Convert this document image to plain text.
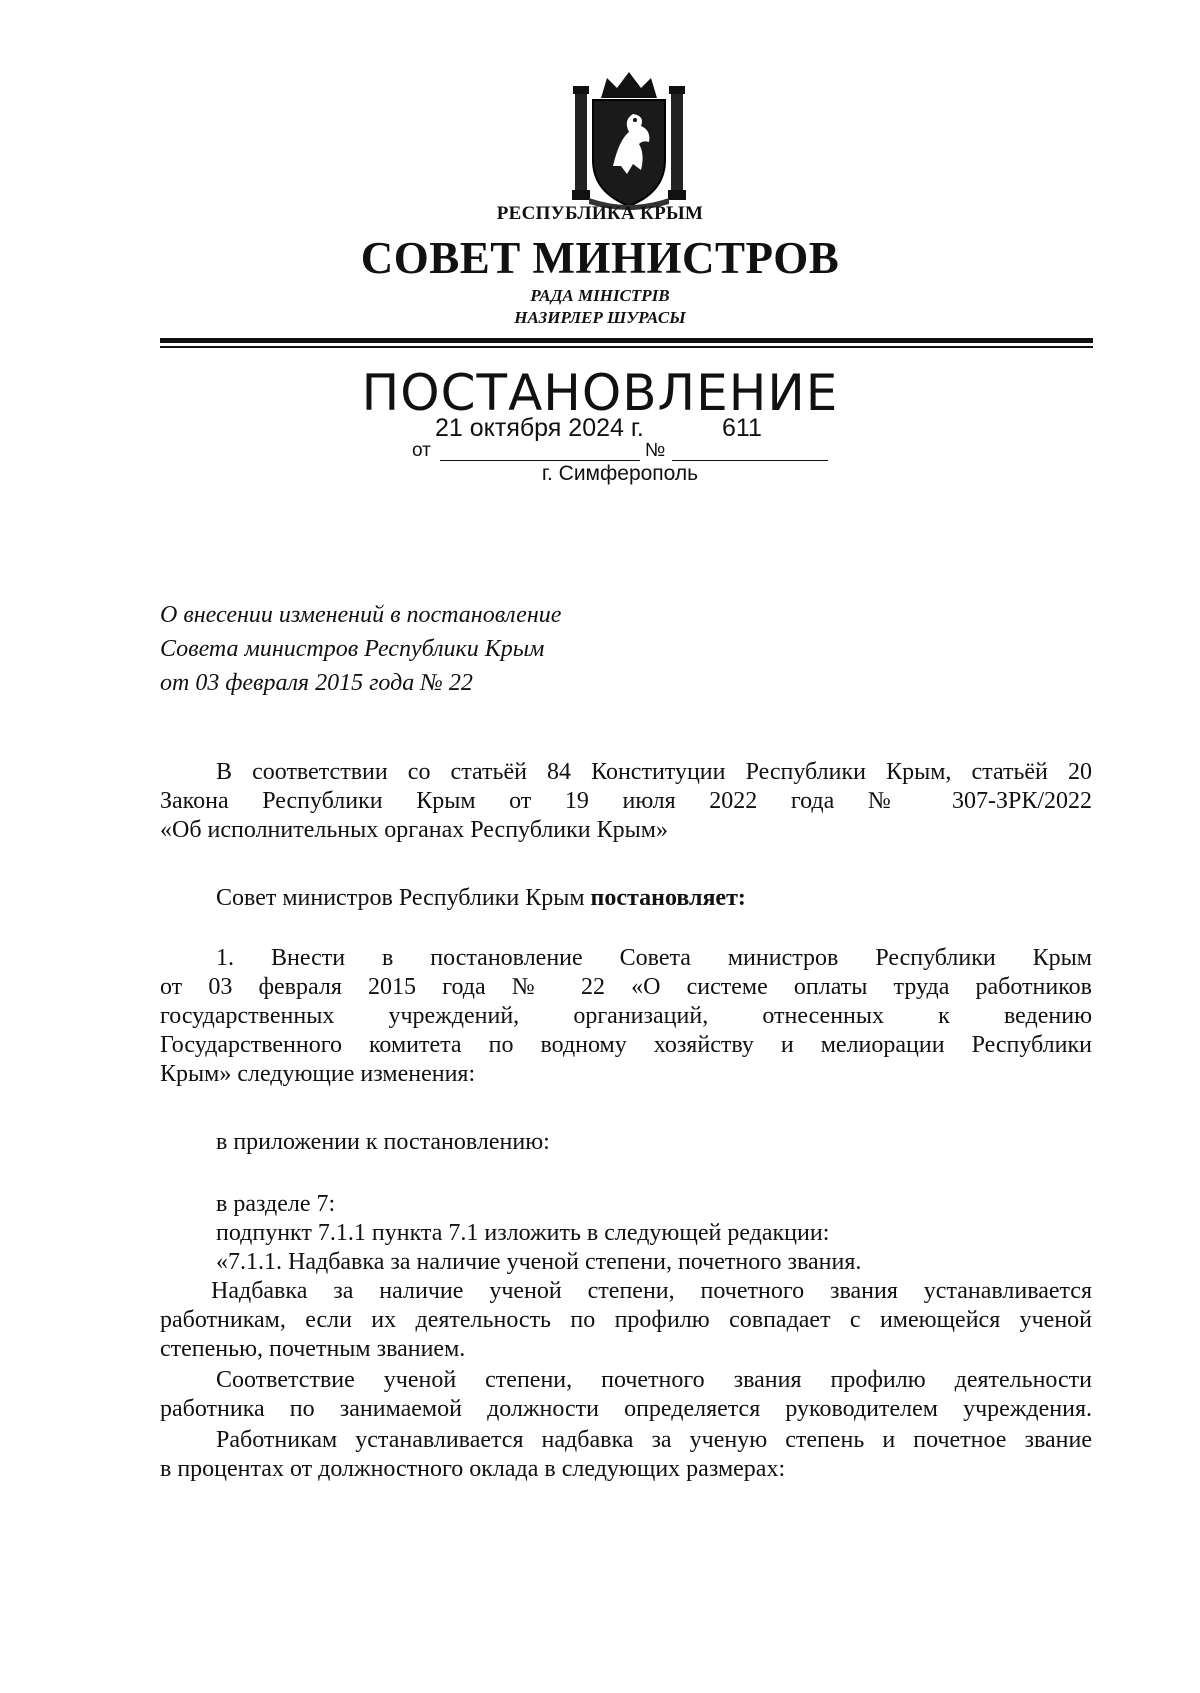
РЕСПУБЛИКА КРЫМ
СОВЕТ МИНИСТРОВ
РАДА МІНІСТРІВ
НАЗИРЛЕР ШУРАСЫ
ПОСТАНОВЛЕНИЕ
21 октября 2024 г.	611
от	№
г. Симферополь
О внесении изменений в постановление
Совета министров Республики Крым
от 03 февраля 2015 года № 22

В соответствии со статьёй 84 Конституции Республики Крым, статьёй 20

Закона Республики Крым от 19 июля 2022 года № 307-ЗРК/2022

«Об исполнительных органах Республики Крым»

Совет министров Республики Крым постановляет:

1. Внести в постановление Совета министров Республики Крым

от 03 февраля 2015 года № 22 «О системе оплаты труда работников

государственных учреждений, организаций, отнесенных к ведению

Государственного комитета по водному хозяйству и мелиорации Республики

Крым» следующие изменения:

в приложении к постановлению:

в разделе 7:

подпункт 7.1.1 пункта 7.1 изложить в следующей редакции:

«7.1.1. Надбавка за наличие ученой степени, почетного звания.

Надбавка за наличие ученой степени, почетного звания устанавливается

работникам, если их деятельность по профилю совпадает с имеющейся ученой

степенью, почетным званием.

Соответствие ученой степени, почетного звания профилю деятельности

работника по занимаемой должности определяется руководителем учреждения.

Работникам устанавливается надбавка за ученую степень и почетное звание

в процентах от должностного оклада в следующих размерах:
